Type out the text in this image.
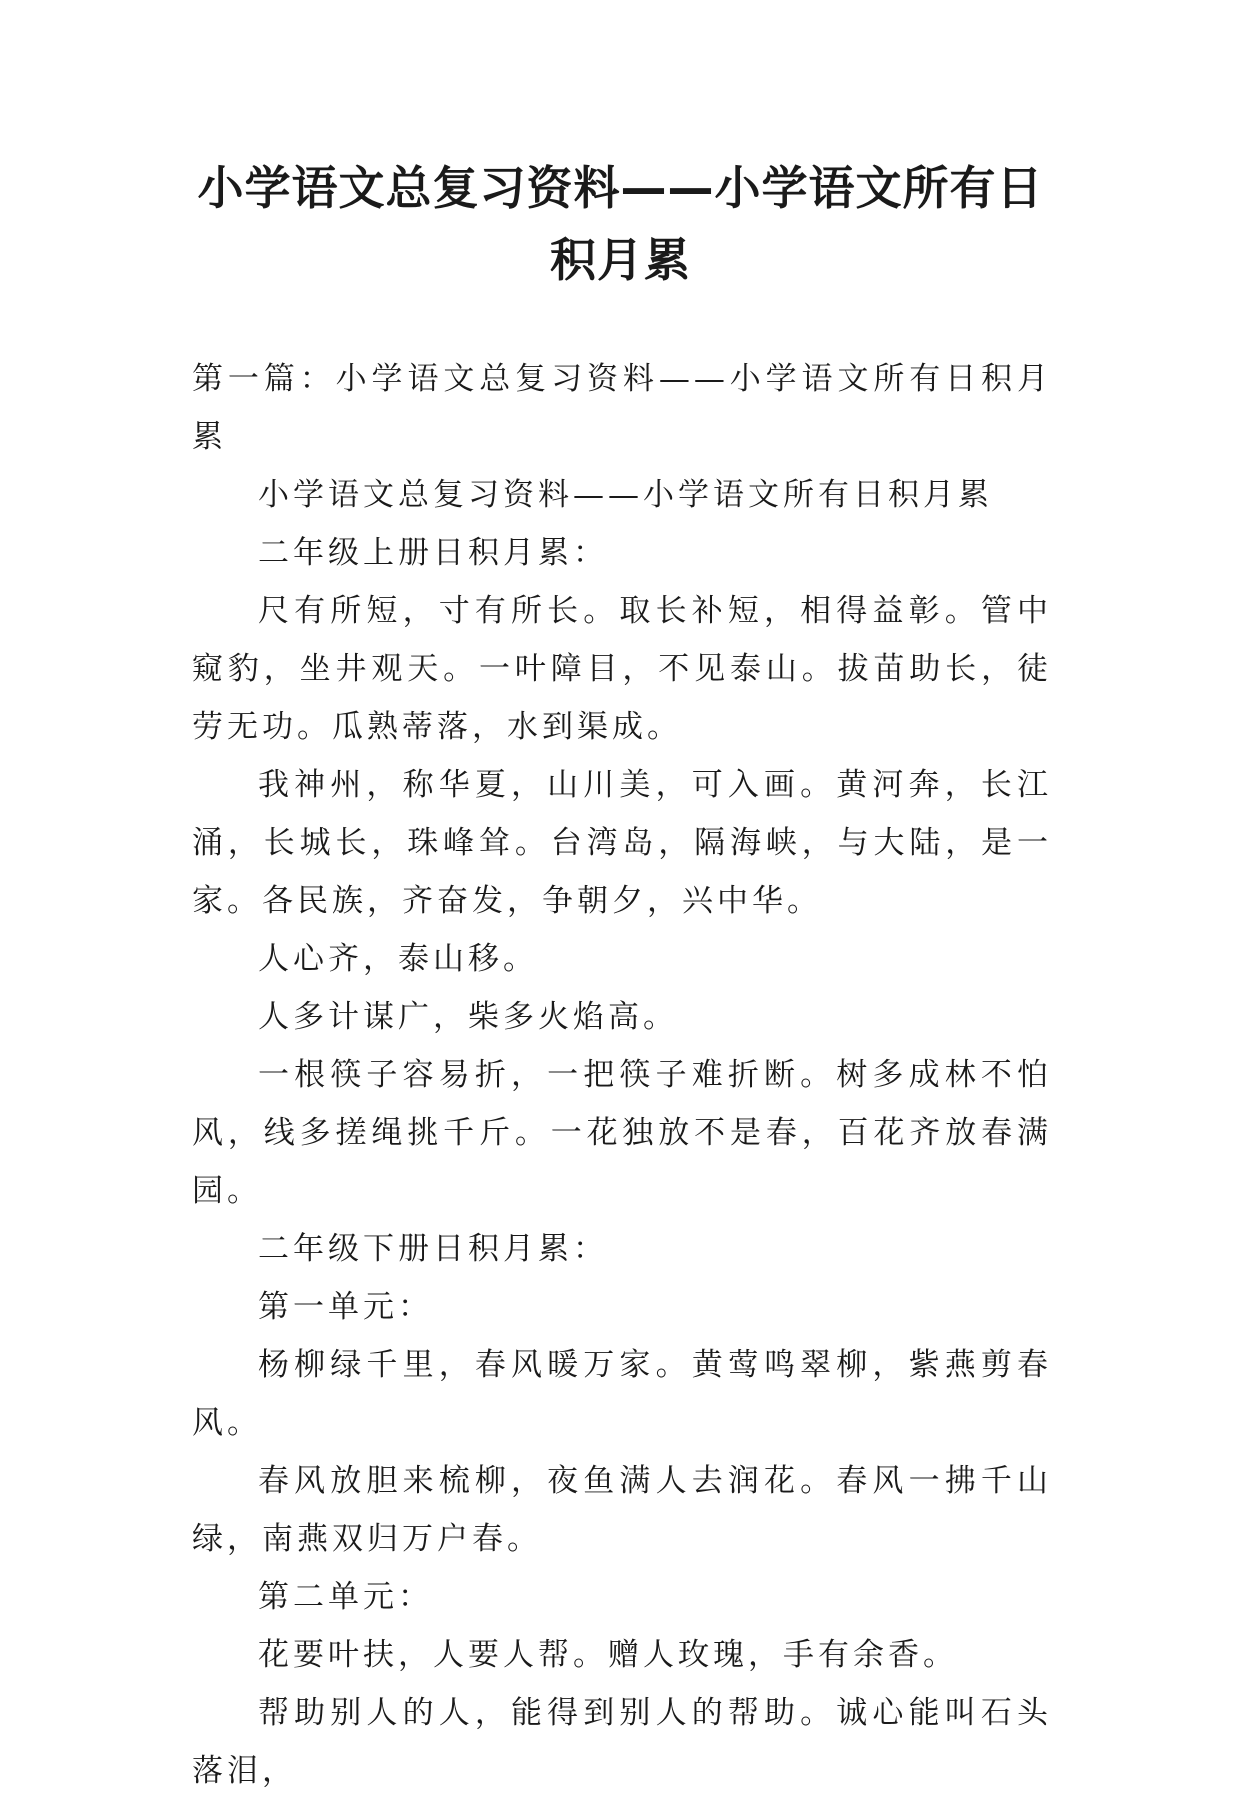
小学语文总复习资料——小学语文所有日
积月累

第一篇：小学语文总复习资料——小学语文所有日积月累

小学语文总复习资料——小学语文所有日积月累

二年级上册日积月累：

尺有所短，寸有所长。取长补短，相得益彰。管中窥豹，坐井观天。一叶障目，不见泰山。拔苗助长，徒劳无功。瓜熟蒂落，水到渠成。

我神州，称华夏，山川美，可入画。黄河奔，长江涌，长城长，珠峰耸。台湾岛，隔海峡，与大陆，是一家。各民族，齐奋发，争朝夕，兴中华。

人心齐，泰山移。

人多计谋广，柴多火焰高。

一根筷子容易折，一把筷子难折断。树多成林不怕风，线多搓绳挑千斤。一花独放不是春，百花齐放春满园。

二年级下册日积月累：

第一单元：

杨柳绿千里，春风暖万家。黄莺鸣翠柳，紫燕剪春风。

春风放胆来梳柳，夜鱼满人去润花。春风一拂千山绿，南燕双归万户春。

第二单元：

花要叶扶，人要人帮。赠人玫瑰，手有余香。

帮助别人的人，能得到别人的帮助。诚心能叫石头落泪，
